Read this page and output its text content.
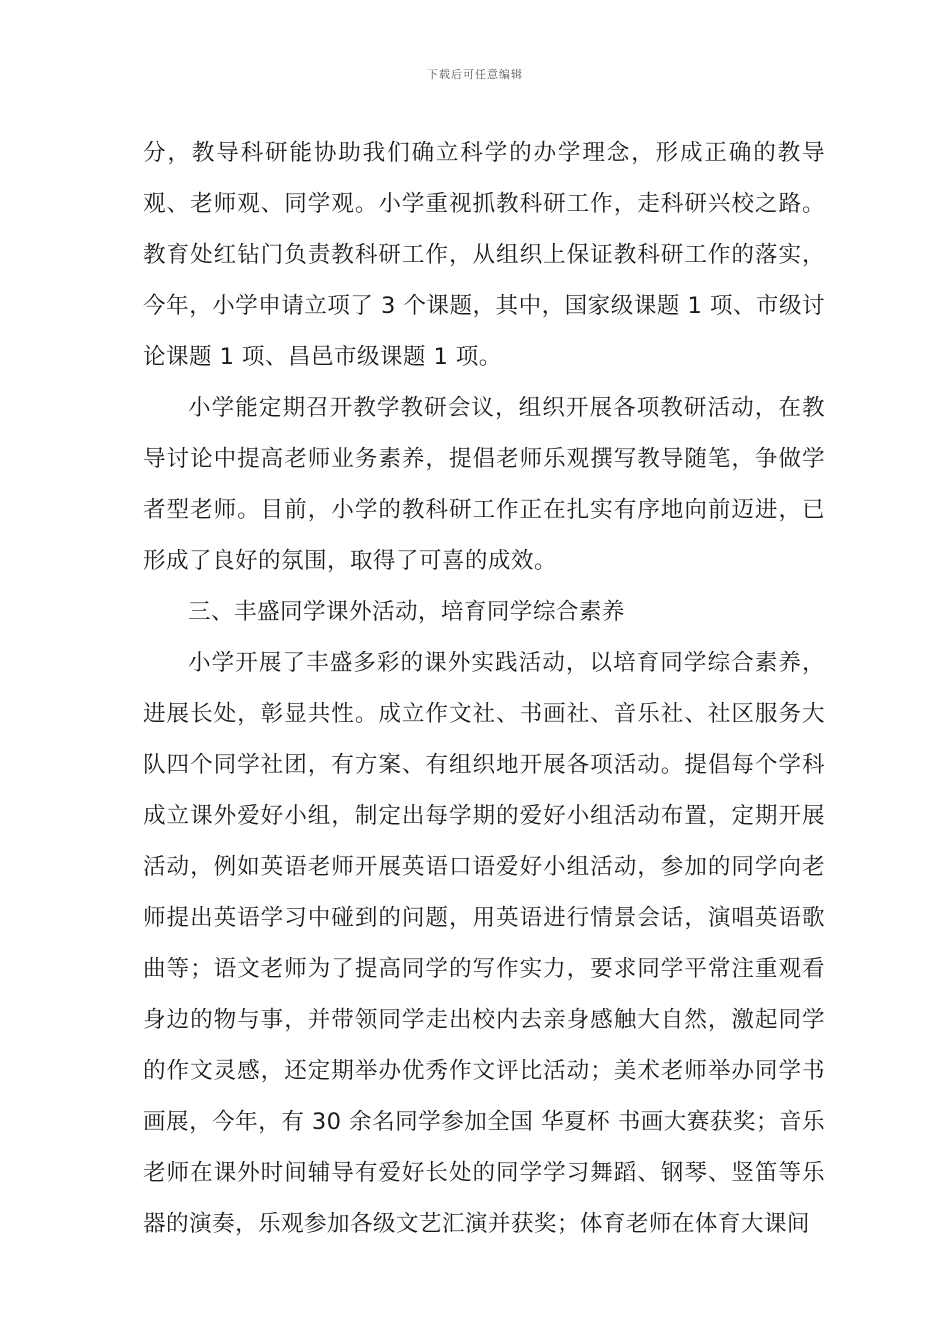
下载后可任意编辑

分，教导科研能协助我们确立科学的办学理念，形成正确的教导观、老师观、同学观。小学重视抓教科研工作，走科研兴校之路。教育处红钻门负责教科研工作，从组织上保证教科研工作的落实，今年，小学申请立项了 3 个课题，其中，国家级课题 1 项、市级讨论课题 1 项、昌邑市级课题 1 项。

小学能定期召开教学教研会议，组织开展各项教研活动，在教导讨论中提高老师业务素养，提倡老师乐观撰写教导随笔，争做学者型老师。目前，小学的教科研工作正在扎实有序地向前迈进，已形成了良好的氛围，取得了可喜的成效。

三、丰盛同学课外活动，培育同学综合素养

小学开展了丰盛多彩的课外实践活动，以培育同学综合素养，进展长处，彰显共性。成立作文社、书画社、音乐社、社区服务大队四个同学社团，有方案、有组织地开展各项活动。提倡每个学科成立课外爱好小组，制定出每学期的爱好小组活动布置，定期开展活动，例如英语老师开展英语口语爱好小组活动，参加的同学向老师提出英语学习中碰到的问题，用英语进行情景会话，演唱英语歌曲等；语文老师为了提高同学的写作实力，要求同学平常注重观看身边的物与事，并带领同学走出校内去亲身感触大自然，激起同学的作文灵感，还定期举办优秀作文评比活动；美术老师举办同学书画展，今年，有 30 余名同学参加全国 华夏杯 书画大赛获奖；音乐老师在课外时间辅导有爱好长处的同学学习舞蹈、钢琴、竖笛等乐器的演奏，乐观参加各级文艺汇演并获奖；体育老师在体育大课间
